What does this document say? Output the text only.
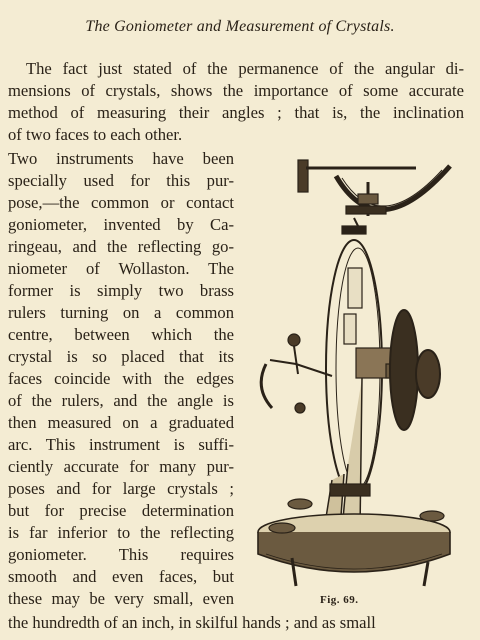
The Goniometer and Measurement of Crystals.
The fact just stated of the permanence of the angular di-
mensions of crystals, shows the importance of some accurate
method of measuring their angles ; that is, the inclination
of two faces to each other.
Two instruments have been
specially used for this pur-
pose,—the common or contact
goniometer, invented by Ca-
ringeau, and the reflecting go-
niometer of Wollaston. The
former is simply two brass
rulers turning on a common
centre, between which the
crystal is so placed that its
faces coincide with the edges
of the rulers, and the angle is
then measured on a graduated
arc. This instrument is suffi-
ciently accurate for many pur-
poses and for large crystals ;
but for precise determination
is far inferior to the reflecting
goniometer. This requires
smooth and even faces, but
these may be very small, even
the hundredth of an inch, in skilful hands ; and as small
Fig. 69.
